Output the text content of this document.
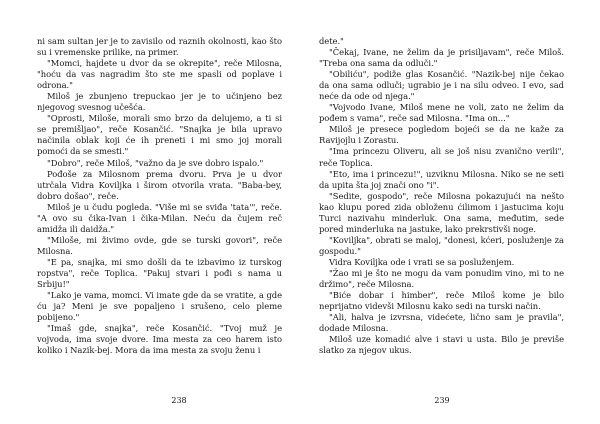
ni sam sultan jer je to zavisilo od raznih okolnosti, kao što su i vremenske prilike, na primer.

"Momci, hajdete u dvor da se okrepite", reče Milosna, "hoću da vas nagradim što ste me spasli od poplave i odrona."

Miloš je zbunjeno trepuckao jer je to učinjeno bez njegovog svesnog učešća.

"Oprosti, Miloše, morali smo brzo da delujemo, a ti si se premišljao", reče Kosančić. "Snajka je bila upravo načinila oblak koji će ih preneti i mi smo joj morali pomoći da se smesti."

"Dobro", reče Miloš, "važno da je sve dobro ispalo."

Pođoše za Milosnom prema dvoru. Prva je u dvor utrčala Vidra Koviljka i širom otvorila vrata. "Baba-bey, dobro došao", reče.

Miloš je u čudu pogleda. "Više mi se sviđa 'tata'", reče. "A ovo su čika-Ivan i čika-Milan. Neću da čujem reč amidža ili daidža."

"Miloše, mi živimo ovde, gde se turski govori", reče Milosna.

"E pa, snajka, mi smo došli da te izbavimo iz turskog ropstva", reče Toplica. "Pakuj stvari i pođi s nama u Srbiju!"

"Lako je vama, momci. Vi imate gde da se vratite, a gde ću ja? Meni je sve popaljeno i srušeno, celo pleme pobijeno."

"Imaš gde, snajka", reče Kosančić. "Tvoj muž je vojvoda, ima svoje dvore. Ima mesta za ceo harem isto koliko i Nazik-bej. Mora da ima mesta za svoju ženu i

238

dete."

"Čekaj, Ivane, ne želim da je prisiljavam", reče Miloš. "Treba ona sama da odluči."

"Obiliću", podiže glas Kosančić. "Nazik-bej nije čekao da ona sama odluči; ugrabio je i na silu odveo. I evo, sad neće da ode od njega."

"Vojvodo Ivane, Miloš mene ne voli, zato ne želim da pođem s vama", reče sad Milosna. "Ima on..."

Miloš je presece pogledom bojeći se da ne kaže za Ravijojlu i Zorastu.

"Ima princezu Oliveru, ali se još nisu zvanično verili", reče Toplica.

"Eto, ima i princezu!", uzviknu Milosna. Niko se ne seti da upita šta joj znači ono "i".

"Sedite, gospodo", reče Milosna pokazujući na nešto kao klupu pored zida obloženu ćilimom i jastucima koju Turci nazivahu minderluk. Ona sama, međutim, sede pored minderluka na jastuke, lako prekrstivši noge.

"Kovilјka", obrati se maloj, "donesi, kćeri, posluženje za gospodu."

Vidra Kovilјka ode i vrati se sa posluženjem.

"Žao mi je što ne mogu da vam ponudim vino, mi to ne držimo", reče Milosna.

"Biće dobar i himber", reče Miloš kome je bilo neprijatno videvši Milosnu kako sedi na turski način.

"Ali, halva je izvrsna, videćete, lično sam je pravila", dodade Milosna.

Miloš uze komadić alve i stavi u usta. Bilo je previše slatko za njegov ukus.

239
